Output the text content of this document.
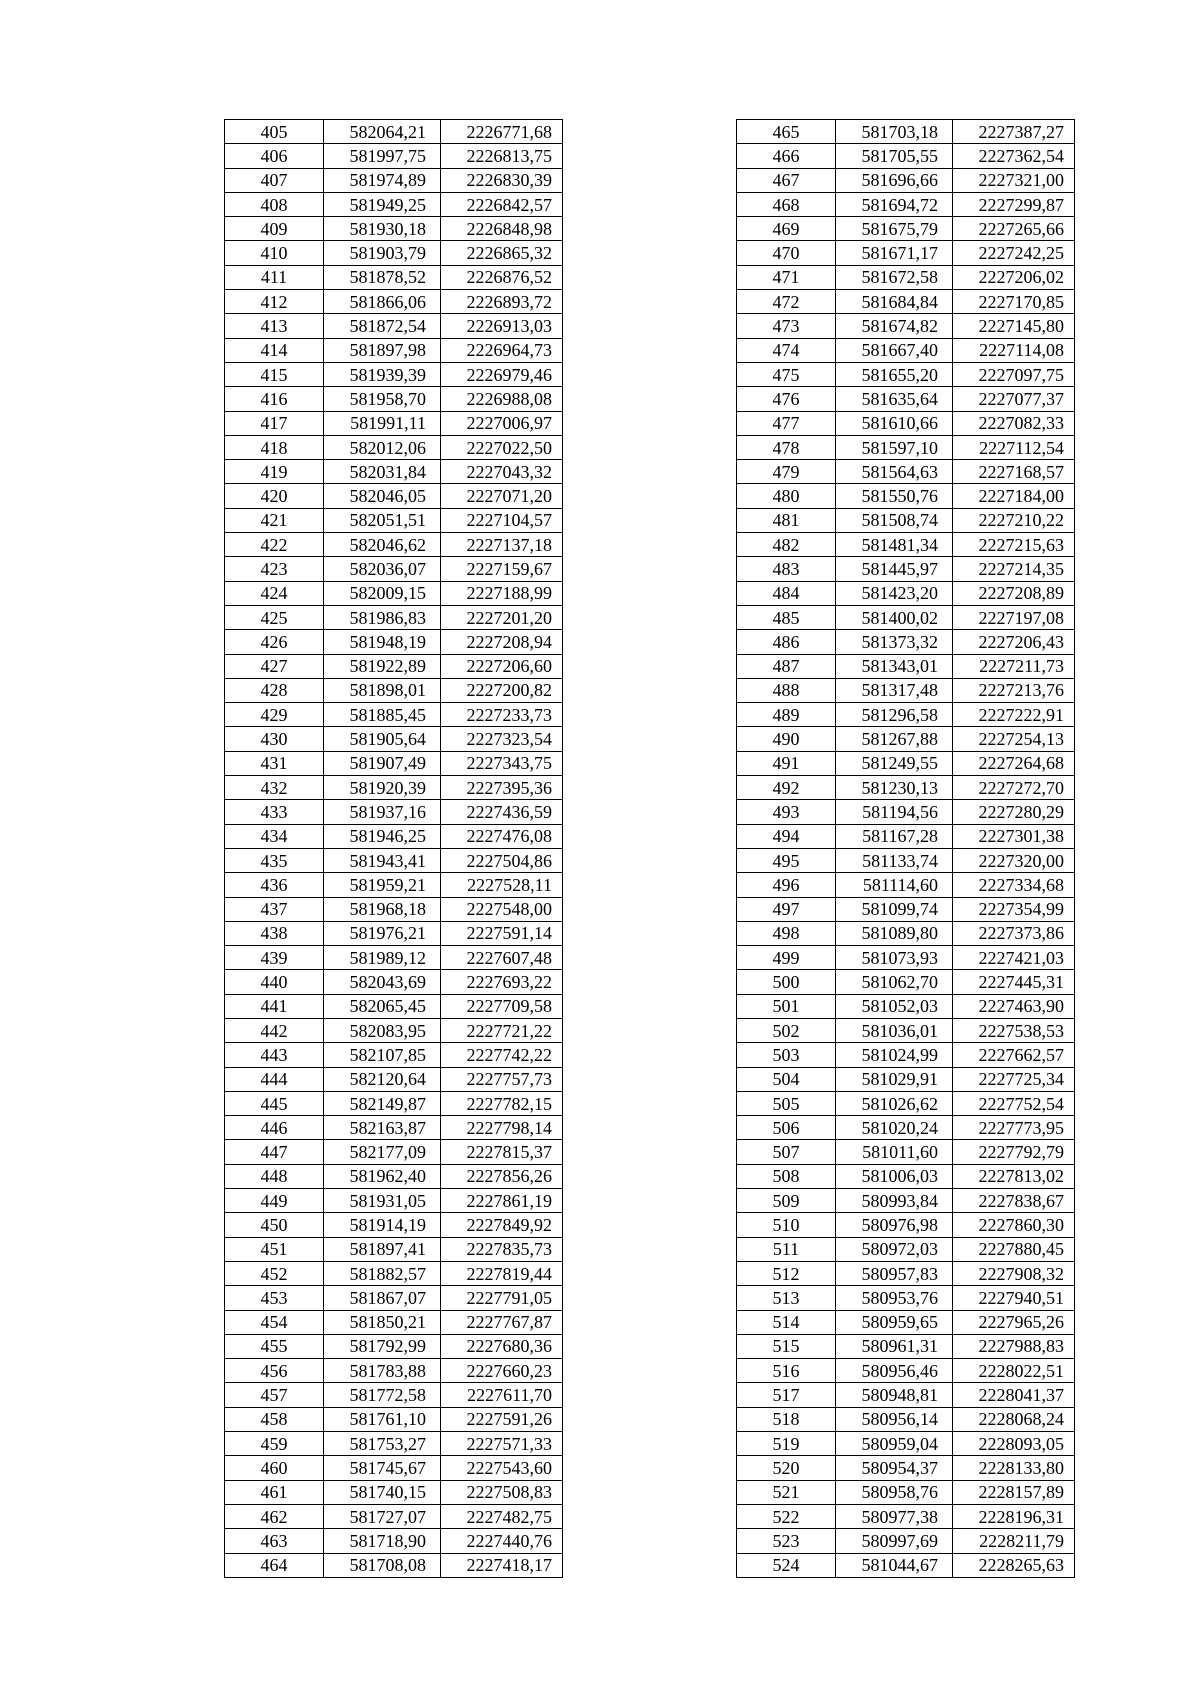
405	582064,21	2226771,68
406	581997,75	2226813,75
407	581974,89	2226830,39
408	581949,25	2226842,57
409	581930,18	2226848,98
410	581903,79	2226865,32
411	581878,52	2226876,52
412	581866,06	2226893,72
413	581872,54	2226913,03
414	581897,98	2226964,73
415	581939,39	2226979,46
416	581958,70	2226988,08
417	581991,11	2227006,97
418	582012,06	2227022,50
419	582031,84	2227043,32
420	582046,05	2227071,20
421	582051,51	2227104,57
422	582046,62	2227137,18
423	582036,07	2227159,67
424	582009,15	2227188,99
425	581986,83	2227201,20
426	581948,19	2227208,94
427	581922,89	2227206,60
428	581898,01	2227200,82
429	581885,45	2227233,73
430	581905,64	2227323,54
431	581907,49	2227343,75
432	581920,39	2227395,36
433	581937,16	2227436,59
434	581946,25	2227476,08
435	581943,41	2227504,86
436	581959,21	2227528,11
437	581968,18	2227548,00
438	581976,21	2227591,14
439	581989,12	2227607,48
440	582043,69	2227693,22
441	582065,45	2227709,58
442	582083,95	2227721,22
443	582107,85	2227742,22
444	582120,64	2227757,73
445	582149,87	2227782,15
446	582163,87	2227798,14
447	582177,09	2227815,37
448	581962,40	2227856,26
449	581931,05	2227861,19
450	581914,19	2227849,92
451	581897,41	2227835,73
452	581882,57	2227819,44
453	581867,07	2227791,05
454	581850,21	2227767,87
455	581792,99	2227680,36
456	581783,88	2227660,23
457	581772,58	2227611,70
458	581761,10	2227591,26
459	581753,27	2227571,33
460	581745,67	2227543,60
461	581740,15	2227508,83
462	581727,07	2227482,75
463	581718,90	2227440,76
464	581708,08	2227418,17
465	581703,18	2227387,27
466	581705,55	2227362,54
467	581696,66	2227321,00
468	581694,72	2227299,87
469	581675,79	2227265,66
470	581671,17	2227242,25
471	581672,58	2227206,02
472	581684,84	2227170,85
473	581674,82	2227145,80
474	581667,40	2227114,08
475	581655,20	2227097,75
476	581635,64	2227077,37
477	581610,66	2227082,33
478	581597,10	2227112,54
479	581564,63	2227168,57
480	581550,76	2227184,00
481	581508,74	2227210,22
482	581481,34	2227215,63
483	581445,97	2227214,35
484	581423,20	2227208,89
485	581400,02	2227197,08
486	581373,32	2227206,43
487	581343,01	2227211,73
488	581317,48	2227213,76
489	581296,58	2227222,91
490	581267,88	2227254,13
491	581249,55	2227264,68
492	581230,13	2227272,70
493	581194,56	2227280,29
494	581167,28	2227301,38
495	581133,74	2227320,00
496	581114,60	2227334,68
497	581099,74	2227354,99
498	581089,80	2227373,86
499	581073,93	2227421,03
500	581062,70	2227445,31
501	581052,03	2227463,90
502	581036,01	2227538,53
503	581024,99	2227662,57
504	581029,91	2227725,34
505	581026,62	2227752,54
506	581020,24	2227773,95
507	581011,60	2227792,79
508	581006,03	2227813,02
509	580993,84	2227838,67
510	580976,98	2227860,30
511	580972,03	2227880,45
512	580957,83	2227908,32
513	580953,76	2227940,51
514	580959,65	2227965,26
515	580961,31	2227988,83
516	580956,46	2228022,51
517	580948,81	2228041,37
518	580956,14	2228068,24
519	580959,04	2228093,05
520	580954,37	2228133,80
521	580958,76	2228157,89
522	580977,38	2228196,31
523	580997,69	2228211,79
524	581044,67	2228265,63
